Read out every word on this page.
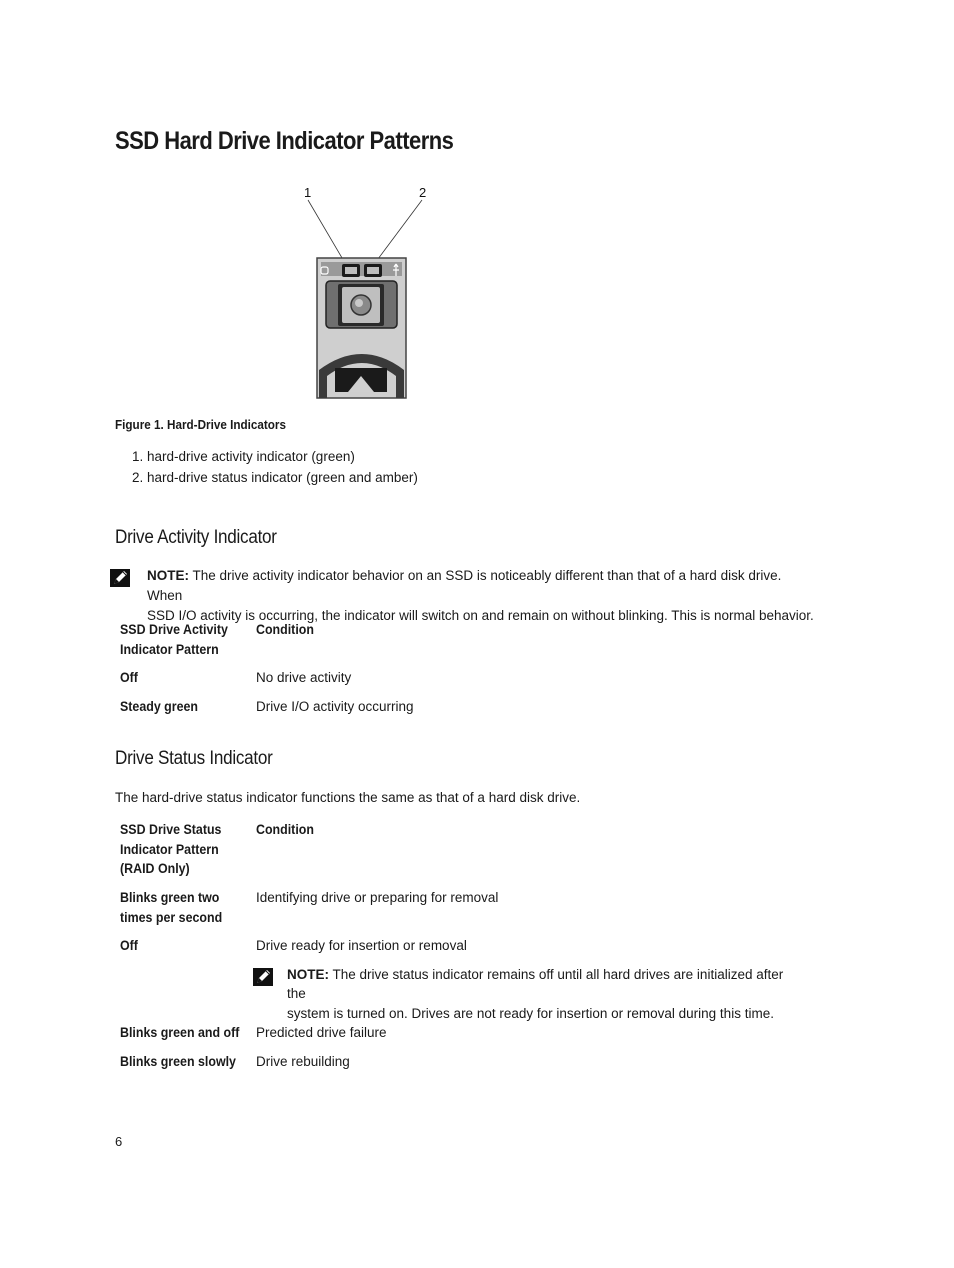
SSD Hard Drive Indicator Patterns
1	2
Figure 1. Hard-Drive Indicators
1. hard-drive activity indicator (green)
2. hard-drive status indicator (green and amber)
Drive Activity Indicator
NOTE: The drive activity indicator behavior on an SSD is noticeably different than that of a hard disk drive. When
SSD I/O activity is occurring, the indicator will switch on and remain on without blinking. This is normal behavior.
SSD Drive Activity
Indicator Pattern	Condition
Off	No drive activity
Steady green	Drive I/O activity occurring
Drive Status Indicator
The hard-drive status indicator functions the same as that of a hard disk drive.
SSD Drive Status
Indicator Pattern
(RAID Only)	Condition
Blinks green two
times per second	Identifying drive or preparing for removal
Off	Drive ready for insertion or removal
NOTE: The drive status indicator remains off until all hard drives are initialized after the
system is turned on. Drives are not ready for insertion or removal during this time.

Blinks green and off	Predicted drive failure
Blinks green slowly	Drive rebuilding
6
